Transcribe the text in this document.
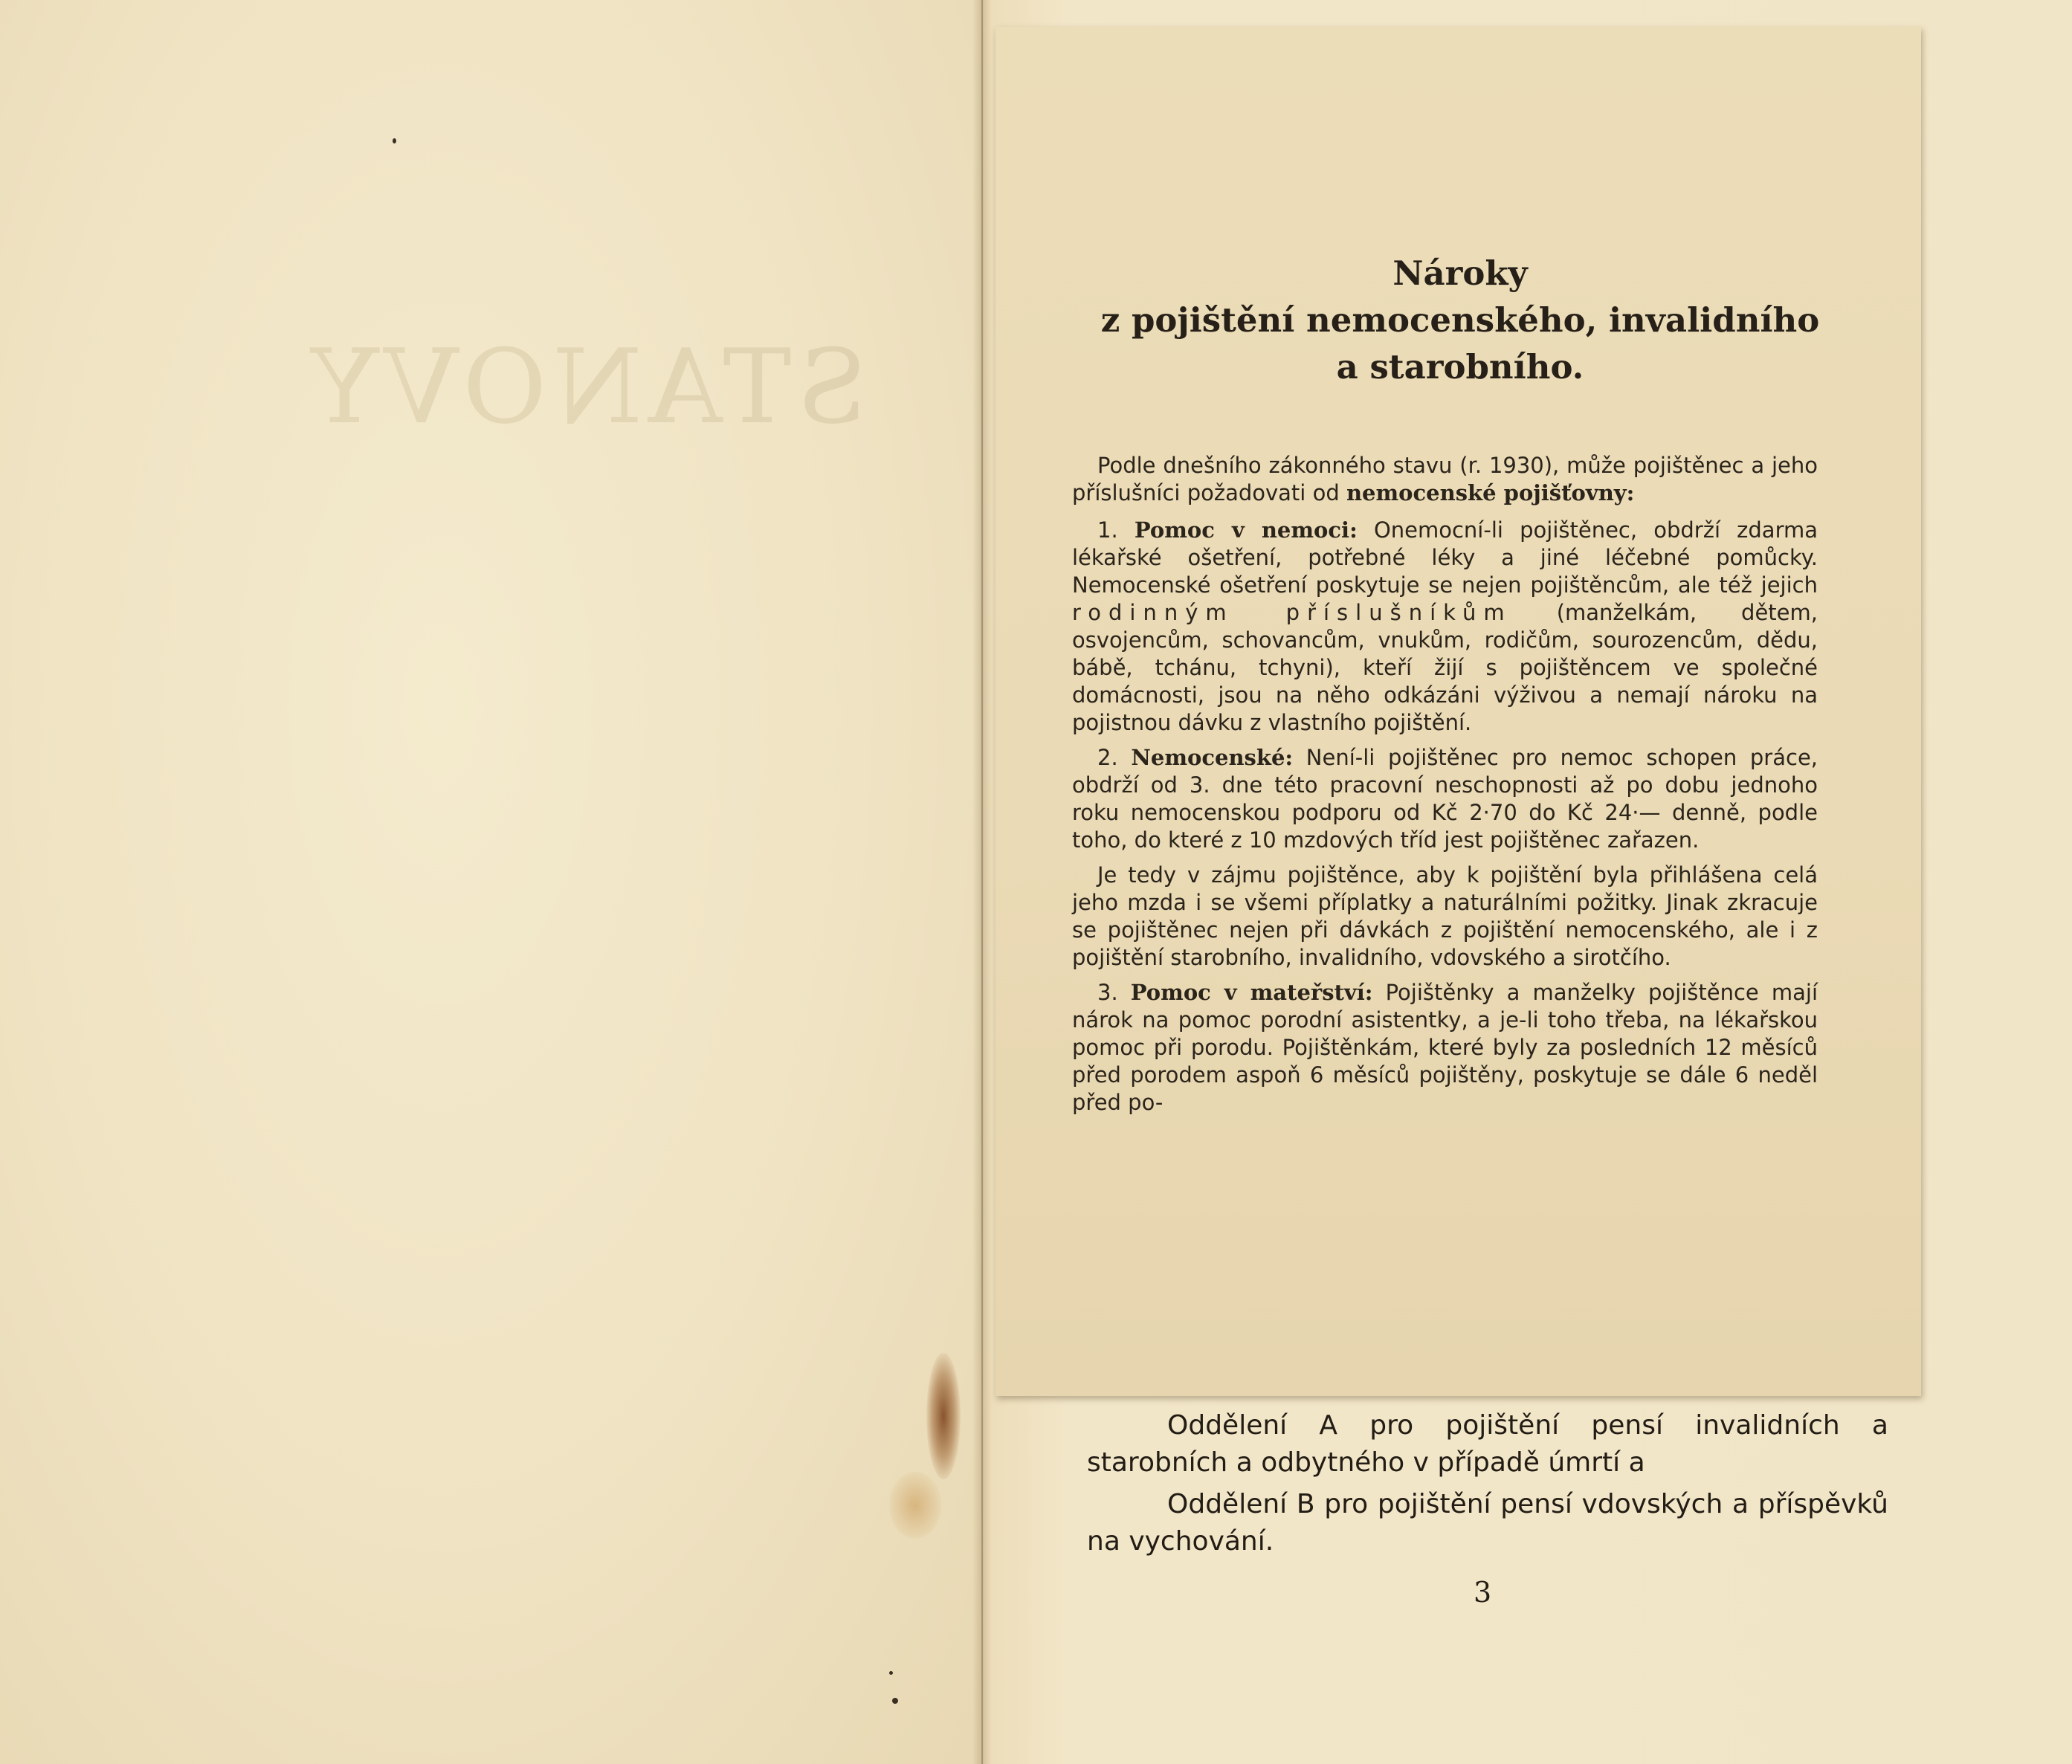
STANOVY
Nároky
z pojištění nemocenského, invalidního
a starobního.

Podle dnešního zákonného stavu (r. 1930), může pojištěnec a jeho příslušníci požadovati od nemocenské pojišťovny:

1. Pomoc v nemoci: Onemocní-li pojištěnec, obdrží zdarma lékařské ošetření, potřebné léky a jiné léčebné pomůcky. Nemocenské ošetření poskytuje se nejen pojištěncům, ale též jejich rodinným příslušníkům (manželkám, dětem, osvojencům, schovancům, vnukům, rodičům, sourozencům, dědu, bábě, tchánu, tchyni), kteří žijí s pojištěncem ve společné domácnosti, jsou na něho odkázáni výživou a nemají nároku na pojistnou dávku z vlastního pojištění.

2. Nemocenské: Není-li pojištěnec pro nemoc schopen práce, obdrží od 3. dne této pracovní neschopnosti až po dobu jednoho roku nemocenskou podporu od Kč 2·70 do Kč 24·— denně, podle toho, do které z 10 mzdových tříd jest pojištěnec zařazen.

Je tedy v zájmu pojištěnce, aby k pojištění byla přihlášena celá jeho mzda i se všemi příplatky a naturálními požitky. Jinak zkracuje se pojištěnec nejen při dávkách z pojištění nemocenského, ale i z pojištění starobního, invalidního, vdovského a sirotčího.

3. Pomoc v mateřství: Pojištěnky a manželky pojištěnce mají nárok na pomoc porodní asistentky, a je-li toho třeba, na lékařskou pomoc při porodu. Pojištěnkám, které byly za posledních 12 měsíců před porodem aspoň 6 měsíců pojištěny, poskytuje se dále 6 neděl před po-

Oddělení A pro pojištění pensí invalidních a starobních a odbytného v případě úmrtí a

Oddělení B pro pojištění pensí vdovských a příspěvků na vychování.

3
